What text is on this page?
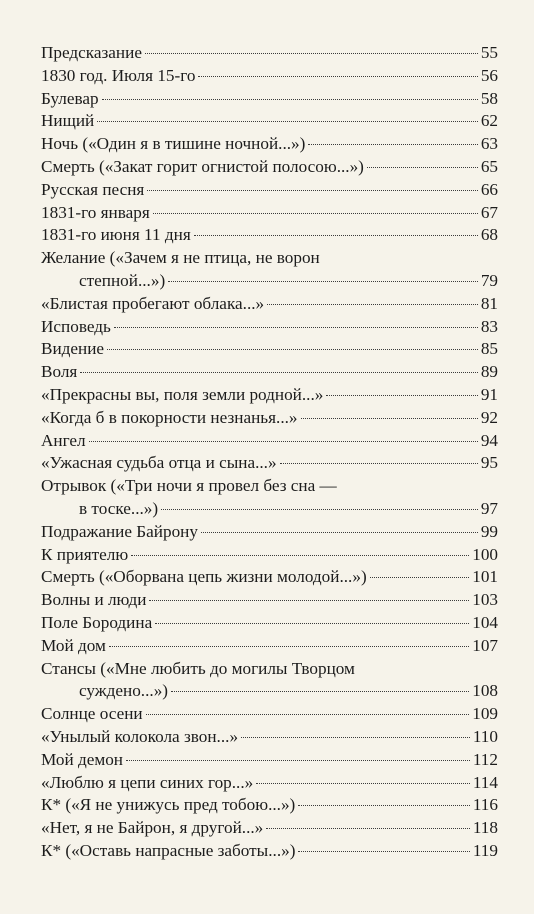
Предсказание	55
1830 год. Июля 15-го	56
Булевар	58
Нищий	62
Ночь («Один я в тишине ночной...»)	63
Смерть («Закат горит огнистой полосою...»)	65
Русская песня	66
1831-го января	67
1831-го июня 11 дня	68
Желание («Зачем я не птица, не ворон
степной...»)	79
«Блистая пробегают облака...»	81
Исповедь	83
Видение	85
Воля	89
«Прекрасны вы, поля земли родной...»	91
«Когда б в покорности незнанья...»	92
Ангел	94
«Ужасная судьба отца и сына...»	95
Отрывок («Три ночи я провел без сна —
в тоске...»)	97
Подражание Байрону	99
К приятелю	100
Смерть («Оборвана цепь жизни молодой...»)	101
Волны и люди	103
Поле Бородина	104
Мой дом	107
Стансы («Мне любить до могилы Творцом
суждено...»)	108
Солнце осени	109
«Унылый колокола звон...»	110
Мой демон	112
«Люблю я цепи синих гор...»	114
К* («Я не унижусь пред тобою...»)	116
«Нет, я не Байрон, я другой...»	118
К* («Оставь напрасные заботы...»)	119
